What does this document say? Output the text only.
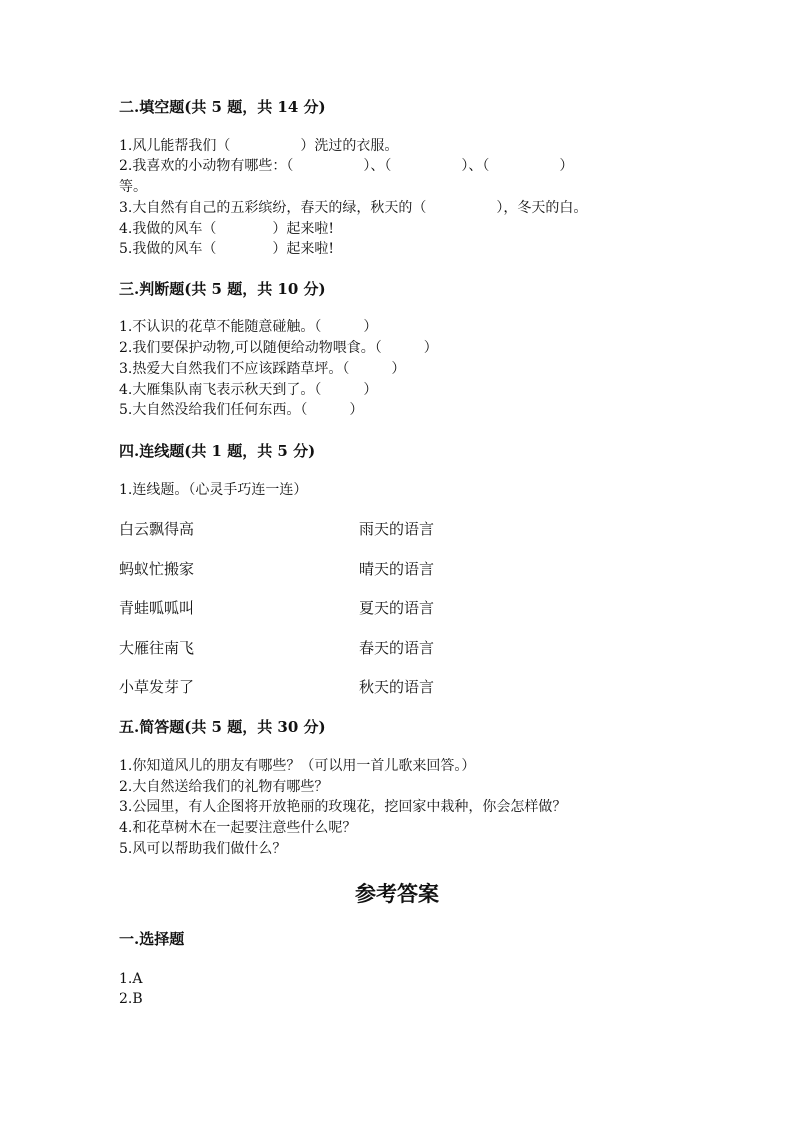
二.填空题(共 5 题，共 14 分)
1.风儿能帮我们（　　　　　）洗过的衣服。
2.我喜欢的小动物有哪些：（　　　　　）、（　　　　　）、（　　　　　）
等。
3.大自然有自己的五彩缤纷，春天的绿，秋天的（　　　　　），冬天的白。
4.我做的风车（　　　　）起来啦!
5.我做的风车（　　　　）起来啦!
三.判断题(共 5 题，共 10 分)
1.不认识的花草不能随意碰触。（　　　）
2.我们要保护动物,可以随便给动物喂食。（　　　）
3.热爱大自然我们不应该踩踏草坪。（　　　）
4.大雁集队南飞表示秋天到了。（　　　）
5.大自然没给我们任何东西。（　　　）
四.连线题(共 1 题，共 5 分)
1.连线题。（心灵手巧连一连）
白云飘得高	雨天的语言
蚂蚁忙搬家	晴天的语言
青蛙呱呱叫	夏天的语言
大雁往南飞	春天的语言
小草发芽了	秋天的语言
五.简答题(共 5 题，共 30 分)
1.你知道风儿的朋友有哪些？（可以用一首儿歌来回答。）
2.大自然送给我们的礼物有哪些？
3.公园里，有人企图将开放艳丽的玫瑰花，挖回家中栽种，你会怎样做？
4.和花草树木在一起要注意些什么呢？
5.风可以帮助我们做什么？
参考答案
一.选择题
1.A
2.B
